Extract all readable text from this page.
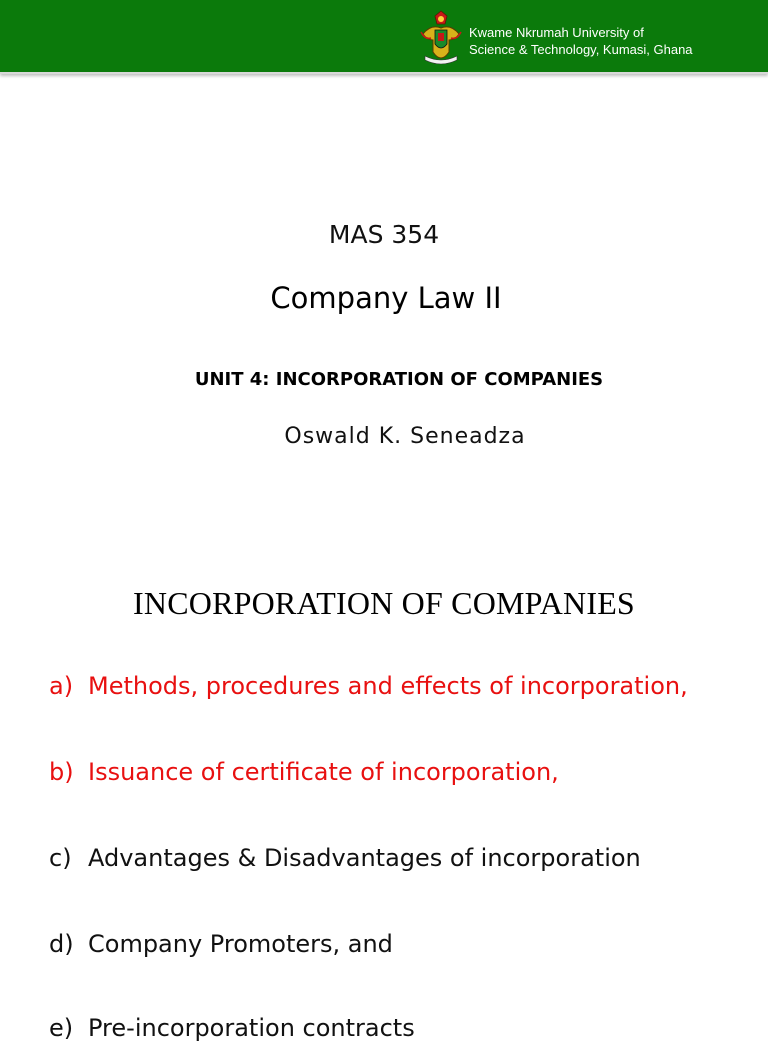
Kwame Nkrumah University of
Science & Technology, Kumasi, Ghana
MAS 354
Company Law II
UNIT 4: INCORPORATION OF COMPANIES
Oswald K. Seneadza
INCORPORATION OF COMPANIES
a) Methods, procedures and effects of incorporation,
b) Issuance of certificate of incorporation,
c) Advantages & Disadvantages of incorporation
d) Company Promoters, and
e) Pre-incorporation contracts
